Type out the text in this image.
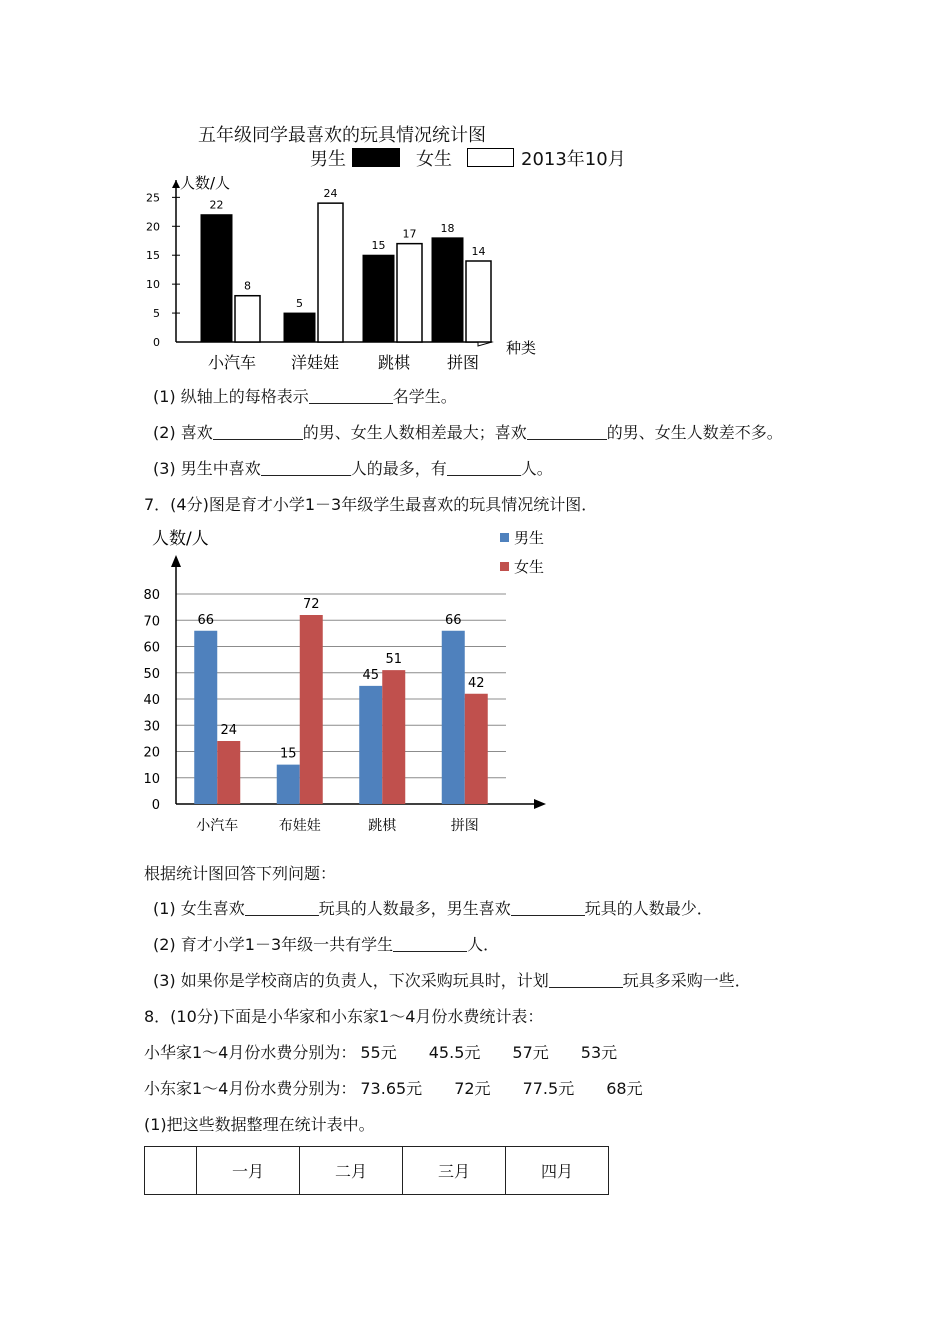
五年级同学最喜欢的玩具情况统计图
男生	女生	2013年10月
0
5
10
15
20
25
22
8
小汽车
5
24
洋娃娃
15
17
跳棋
18
14
拼图
人数/人
种类
(1) 纵轴上的每格表示	名学生。
(2) 喜欢	的男、女生人数相差最大；喜欢	的男、女生人数差不多。
(3) 男生中喜欢	人的最多，有	人。
7．(4分)图是育才小学1－3年级学生最喜欢的玩具情况统计图．
0
10
20
30
40
50
60
70
80
66
24
小汽车
15
72
布娃娃
45
51
跳棋
66
42
拼图
人数/人	男生
女生
根据统计图回答下列问题：
(1) 女生喜欢	玩具的人数最多，男生喜欢	玩具的人数最少．
(2) 育才小学1－3年级一共有学生	人．
(3) 如果你是学校商店的负责人，下次采购玩具时，计划	玩具多采购一些．
8．(10分)下面是小华家和小东家1～4月份水费统计表：
小华家1～4月份水费分别为： 55元 45.5元 57元 53元
小东家1～4月份水费分别为： 73.65元 72元 77.5元 68元
(1)把这些数据整理在统计表中。
	一月	二月	三月	四月
